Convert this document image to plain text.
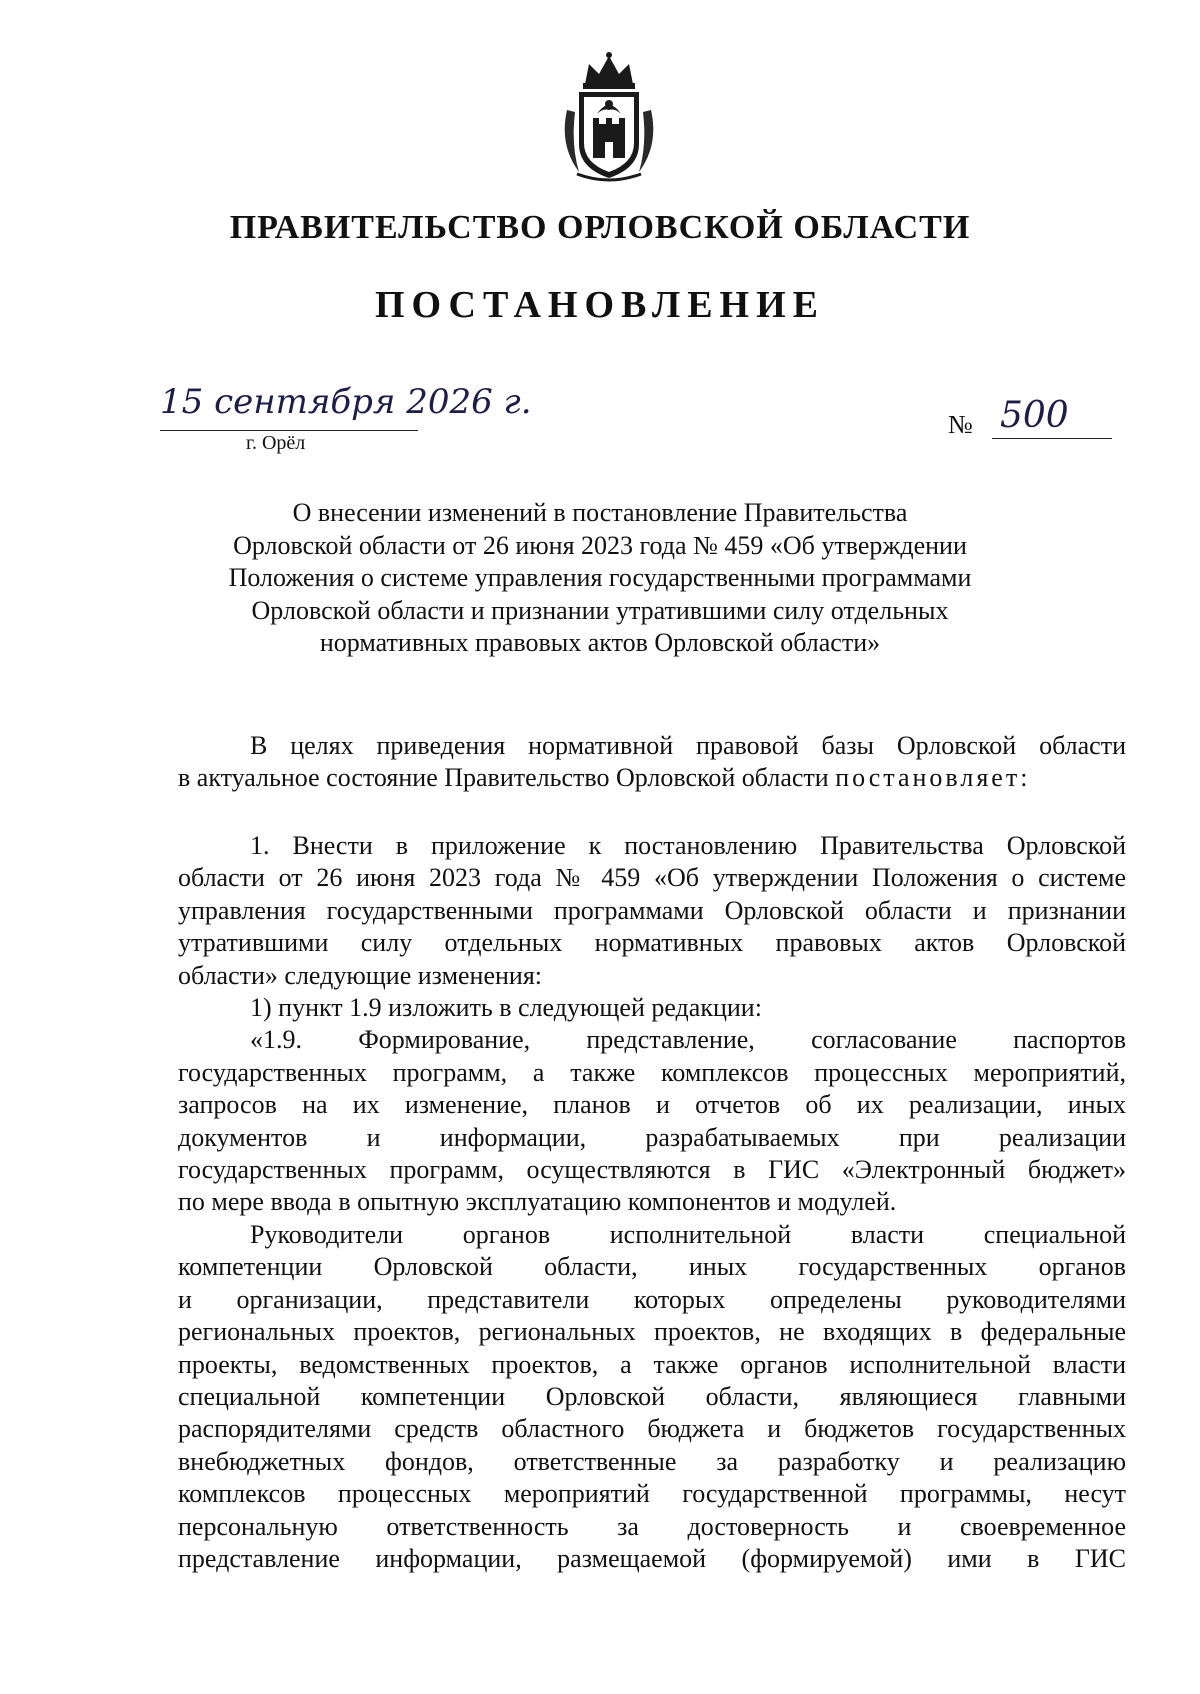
ПРАВИТЕЛЬСТВО ОРЛОВСКОЙ ОБЛАСТИ
ПОСТАНОВЛЕНИЕ
15 сентября 2026 г.
г. Орёл
№ 500
О внесении изменений в постановление Правительства
Орловской области от 26 июня 2023 года № 459 «Об утверждении
Положения о системе управления государственными программами
Орловской области и признании утратившими силу отдельных
нормативных правовых актов Орловской области»
В целях приведения нормативной правовой базы Орловской области
в актуальное состояние Правительство Орловской области постановляет:
1. Внести в приложение к постановлению Правительства Орловской
области от 26 июня 2023 года № 459 «Об утверждении Положения о системе
управления государственными программами Орловской области и признании
утратившими силу отдельных нормативных правовых актов Орловской
области» следующие изменения:
1) пункт 1.9 изложить в следующей редакции:
«1.9. Формирование, представление, согласование паспортов
государственных программ, а также комплексов процессных мероприятий,
запросов на их изменение, планов и отчетов об их реализации, иных
документов и информации, разрабатываемых при реализации
государственных программ, осуществляются в ГИС «Электронный бюджет»
по мере ввода в опытную эксплуатацию компонентов и модулей.
Руководители органов исполнительной власти специальной
компетенции Орловской области, иных государственных органов
и организации, представители которых определены руководителями
региональных проектов, региональных проектов, не входящих в федеральные
проекты, ведомственных проектов, а также органов исполнительной власти
специальной компетенции Орловской области, являющиеся главными
распорядителями средств областного бюджета и бюджетов государственных
внебюджетных фондов, ответственные за разработку и реализацию
комплексов процессных мероприятий государственной программы, несут
персональную ответственность за достоверность и своевременное
представление информации, размещаемой (формируемой) ими в ГИС
